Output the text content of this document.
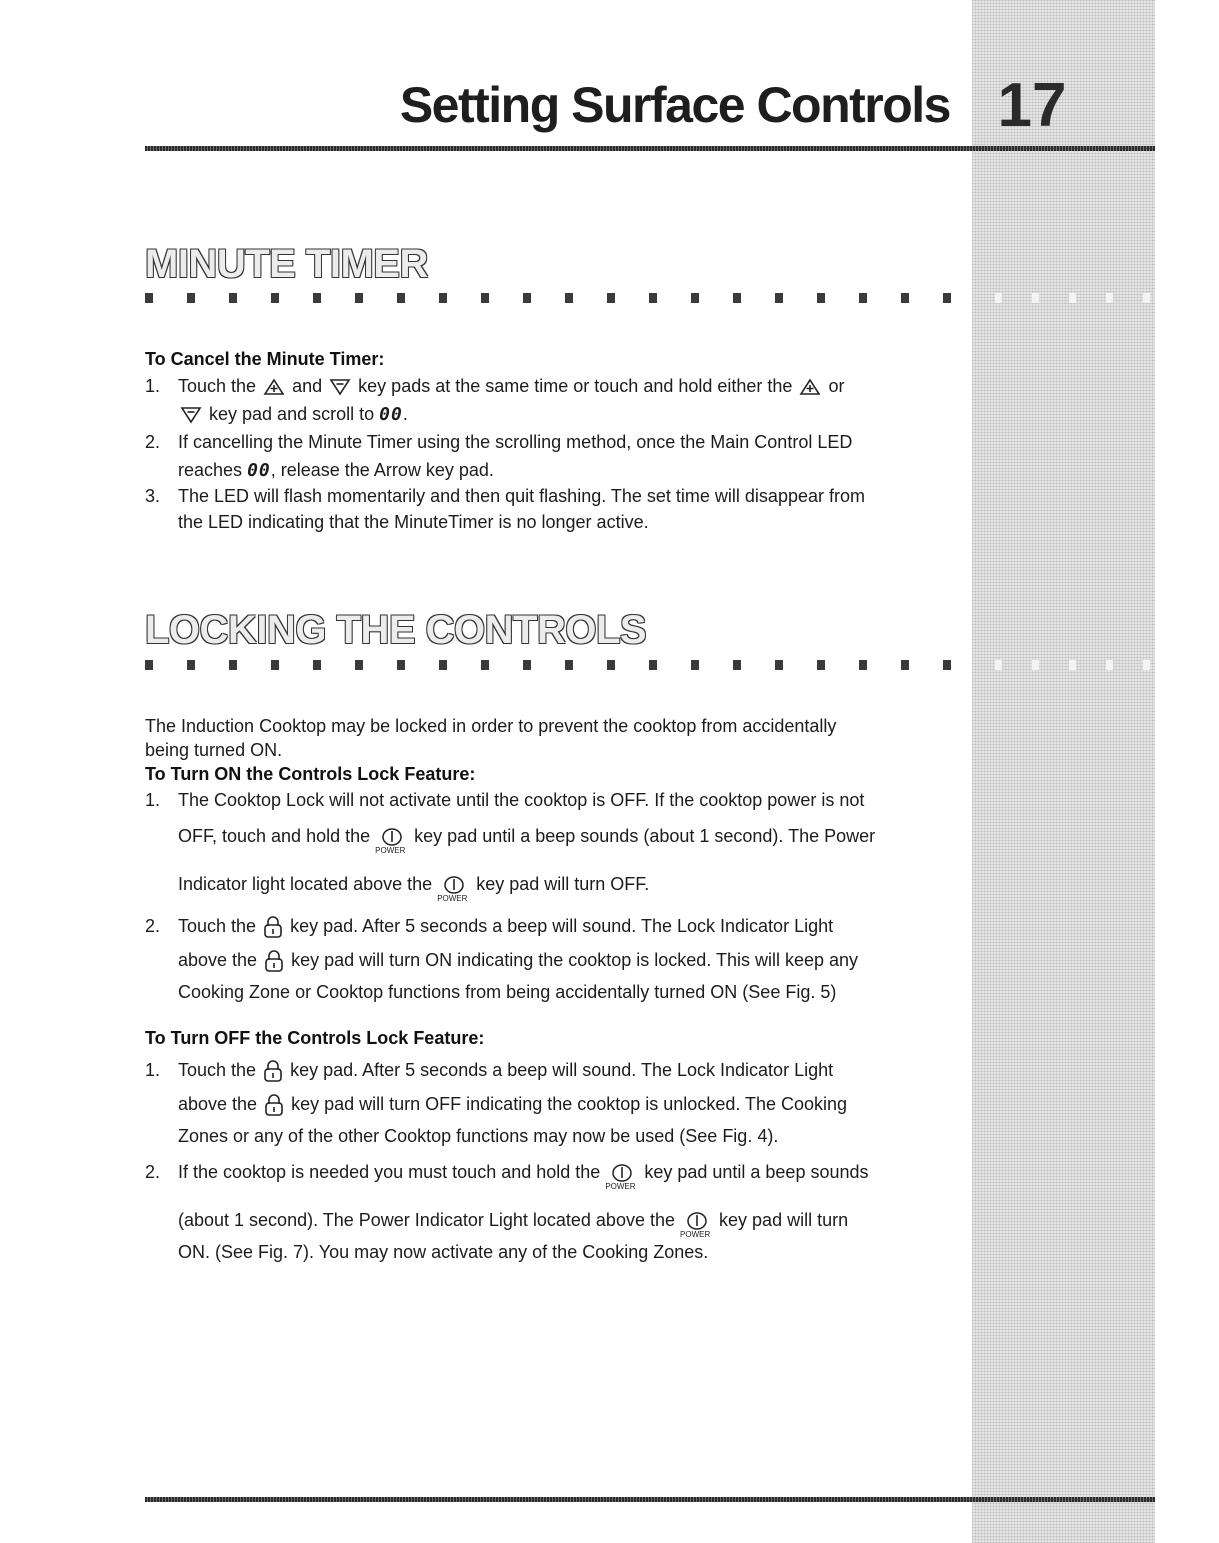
Setting Surface Controls 17
MINUTE TIMER
To Cancel the Minute Timer:
1. Touch the and key pads at the same time or touch and hold either the or
key pad and scroll to 00.
2. If cancelling the Minute Timer using the scrolling method, once the Main Control LED
reaches 00, release the Arrow key pad.
3. The LED will flash momentarily and then quit flashing. The set time will disappear from
the LED indicating that the MinuteTimer is no longer active.
LOCKING THE CONTROLS
The Induction Cooktop may be locked in order to prevent the cooktop from accidentally
being turned ON.
To Turn ON the Controls Lock Feature:
1. The Cooktop Lock will not activate until the cooktop is OFF. If the cooktop power is not
OFF, touch and hold the
POWER
key pad until a beep sounds (about 1 second). The Power
Indicator light located above the
POWER
key pad will turn OFF.
2. Touch the key pad. After 5 seconds a beep will sound. The Lock Indicator Light
above the key pad will turn ON indicating the cooktop is locked. This will keep any
Cooking Zone or Cooktop functions from being accidentally turned ON (See Fig. 5)
To Turn OFF the Controls Lock Feature:
1. Touch the key pad. After 5 seconds a beep will sound. The Lock Indicator Light
above the key pad will turn OFF indicating the cooktop is unlocked. The Cooking
Zones or any of the other Cooktop functions may now be used (See Fig. 4).
2. If the cooktop is needed you must touch and hold the
POWER
key pad until a beep sounds
(about 1 second). The Power Indicator Light located above the
POWER
key pad will turn
ON. (See Fig. 7). You may now activate any of the Cooking Zones.
